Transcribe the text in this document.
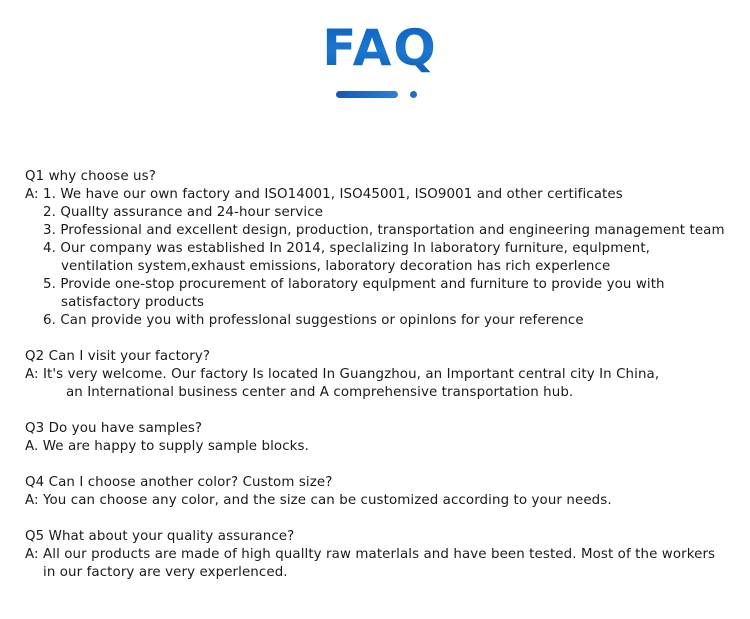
FAQ
Q1 why choose us?
A: 1. We have our own factory and ISO14001, ISO45001, ISO9001 and other certificates
2. Quallty assurance and 24-hour service
3. Professional and excellent design, production, transportation and engineering management team
4. Our company was established In 2014, speclalizing In laboratory furniture, equlpment,
ventilation system,exhaust emissions, laboratory decoration has rich experlence
5. Provide one-stop procurement of laboratory equlpment and furniture to provide you with
satisfactory products
6. Can provide you with professlonal suggestions or opinlons for your reference
Q2 Can I visit your factory?
A: It's very welcome. Our factory Is located In Guangzhou, an Important central city In China,
an International business center and A comprehensive transportation hub.
Q3 Do you have samples?
A. We are happy to supply sample blocks.
Q4 Can I choose another color? Custom size?
A: You can choose any color, and the size can be customized according to your needs.
Q5 What about your quality assurance?
A: All our products are made of high quallty raw materlals and have been tested. Most of the workers
in our factory are very experlenced.
